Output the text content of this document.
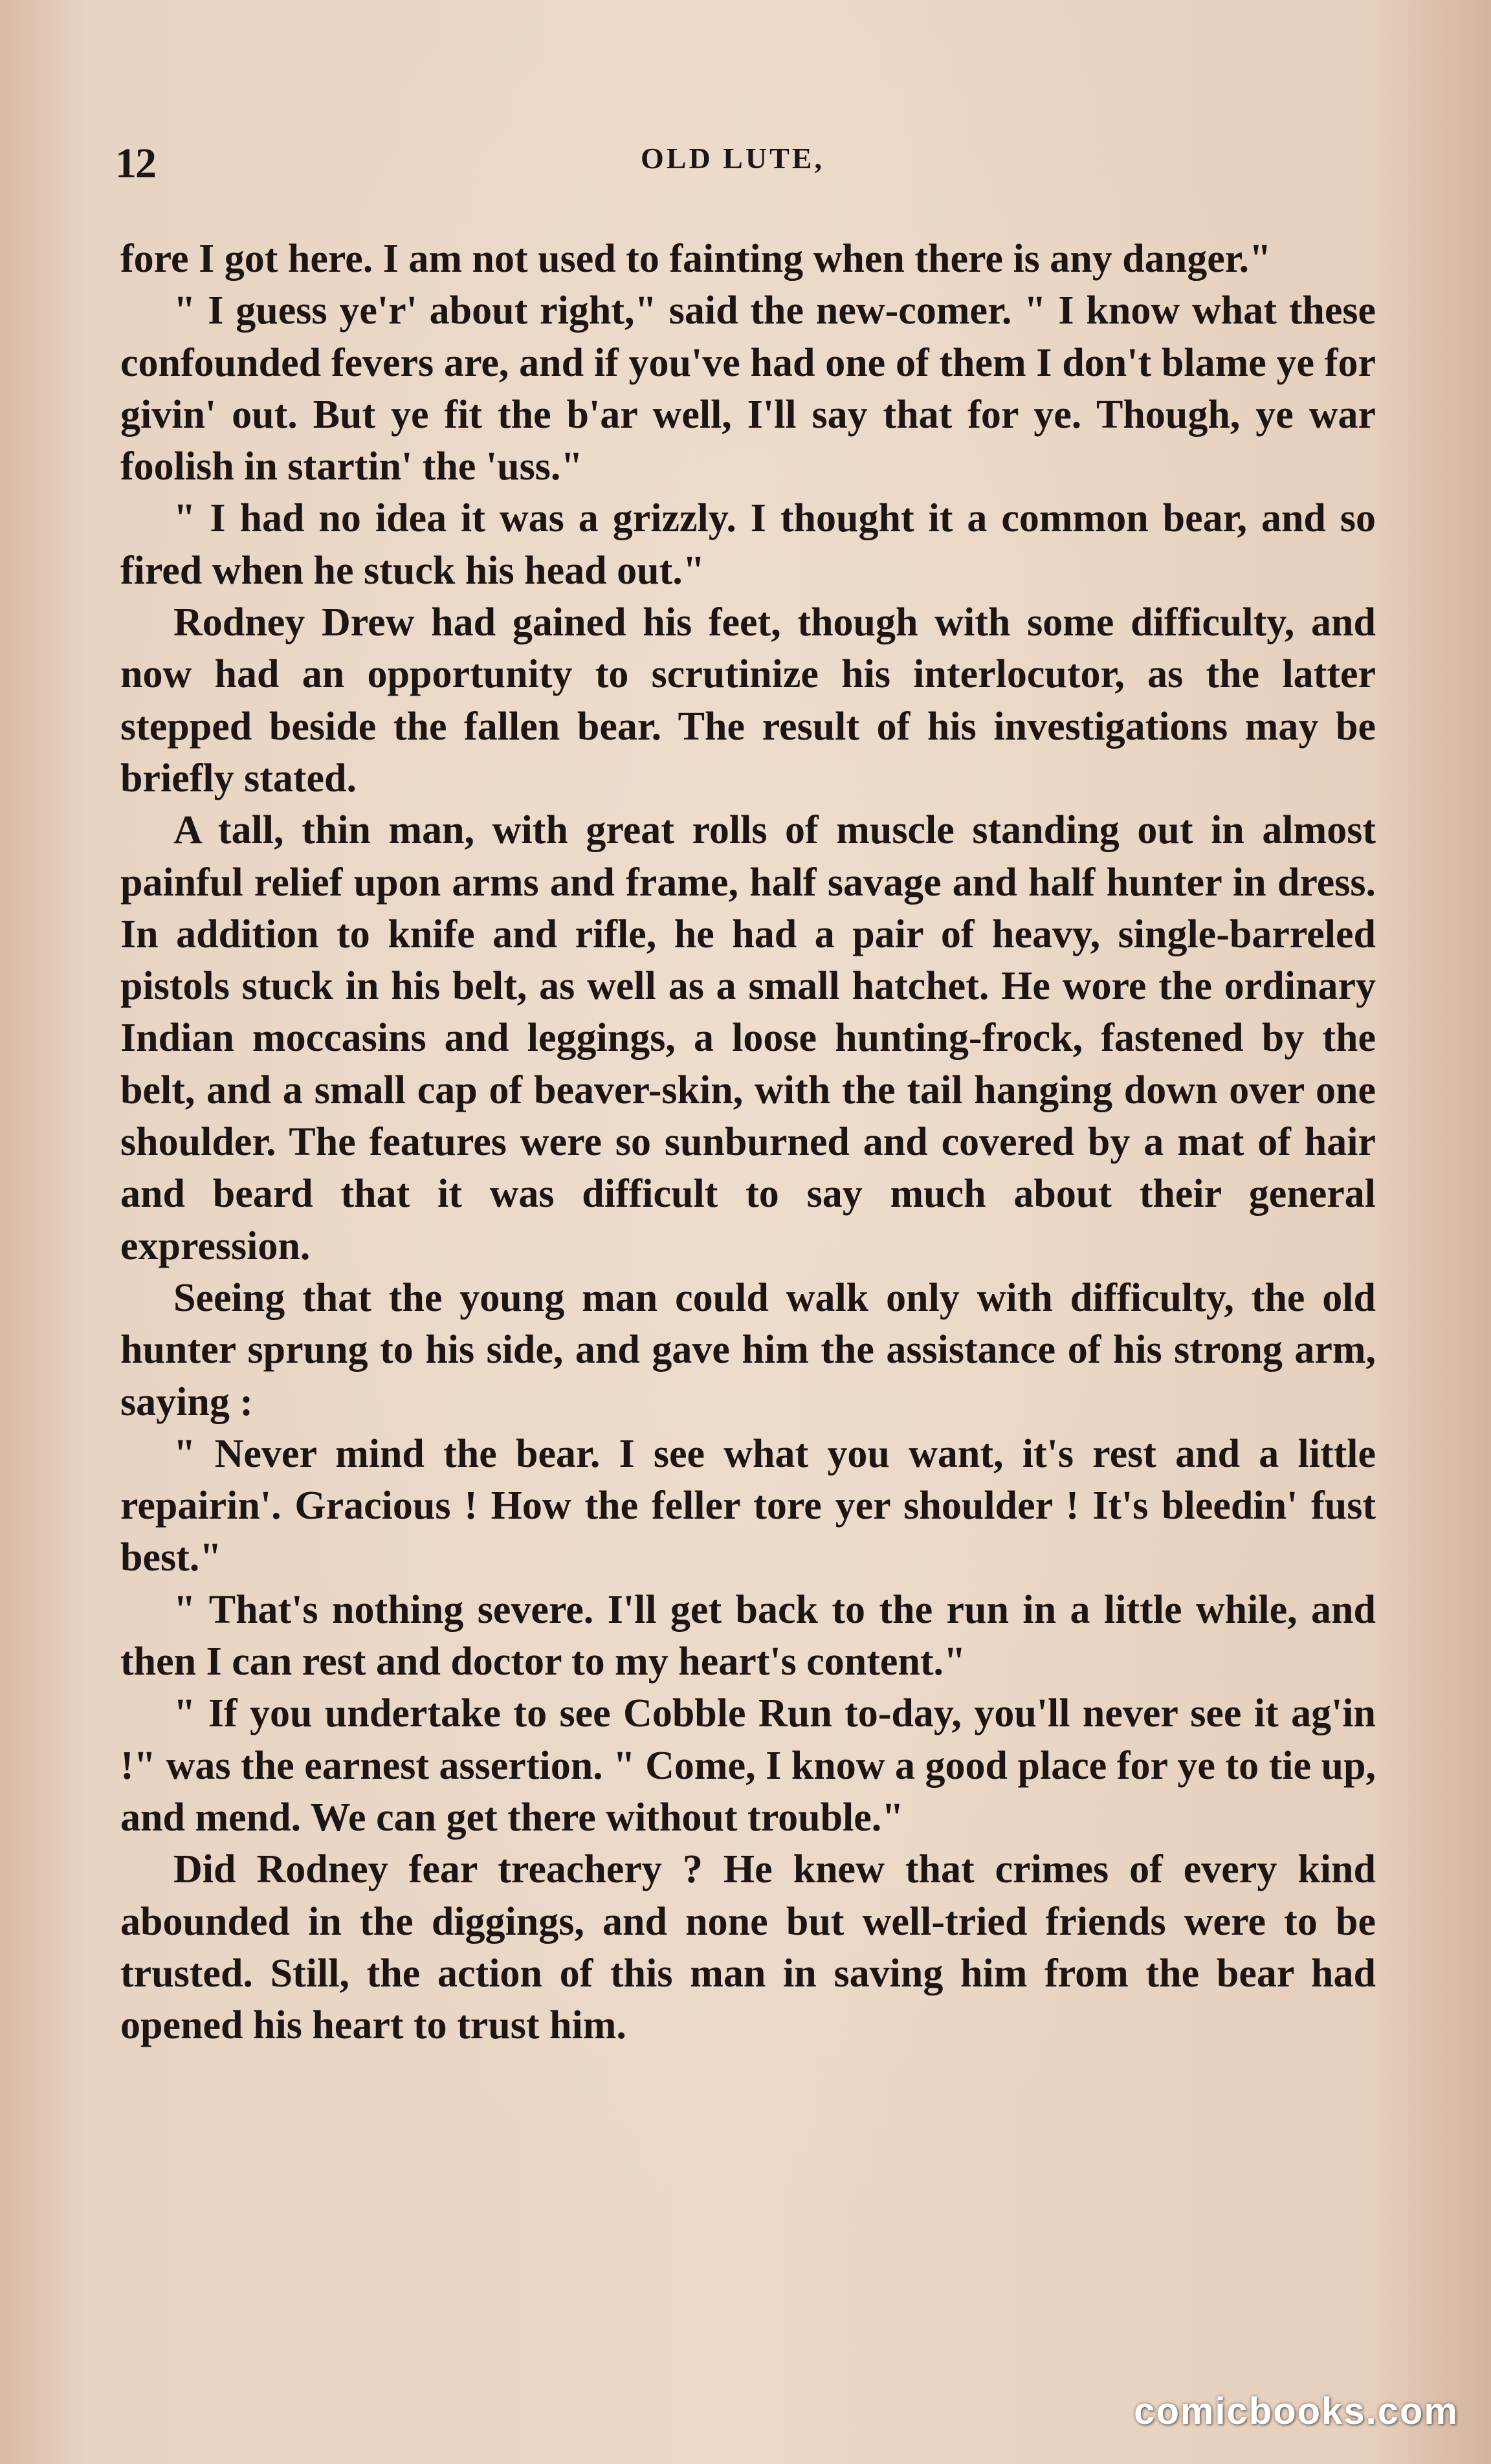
12	OLD LUTE,

fore I got here. I am not used to fainting when there is any danger."

" I guess ye'r' about right," said the new-comer. " I know what these confounded fevers are, and if you've had one of them I don't blame ye for givin' out. But ye fit the b'ar well, I'll say that for ye. Though, ye war foolish in startin' the 'uss."

" I had no idea it was a grizzly. I thought it a common bear, and so fired when he stuck his head out."

Rodney Drew had gained his feet, though with some difficulty, and now had an opportunity to scrutinize his interlocutor, as the latter stepped beside the fallen bear. The result of his investigations may be briefly stated.

A tall, thin man, with great rolls of muscle standing out in almost painful relief upon arms and frame, half savage and half hunter in dress. In addition to knife and rifle, he had a pair of heavy, single-barreled pistols stuck in his belt, as well as a small hatchet. He wore the ordinary Indian moccasins and leggings, a loose hunting-frock, fastened by the belt, and a small cap of beaver-skin, with the tail hanging down over one shoulder. The features were so sunburned and covered by a mat of hair and beard that it was difficult to say much about their general expression.

Seeing that the young man could walk only with difficulty, the old hunter sprung to his side, and gave him the assistance of his strong arm, saying :

" Never mind the bear. I see what you want, it's rest and a little repairin'. Gracious ! How the feller tore yer shoulder ! It's bleedin' fust best."

" That's nothing severe. I'll get back to the run in a little while, and then I can rest and doctor to my heart's content."

" If you undertake to see Cobble Run to-day, you'll never see it ag'in !" was the earnest assertion. " Come, I know a good place for ye to tie up, and mend. We can get there without trouble."

Did Rodney fear treachery ? He knew that crimes of every kind abounded in the diggings, and none but well-tried friends were to be trusted. Still, the action of this man in saving him from the bear had opened his heart to trust him.

comicbooks.com
